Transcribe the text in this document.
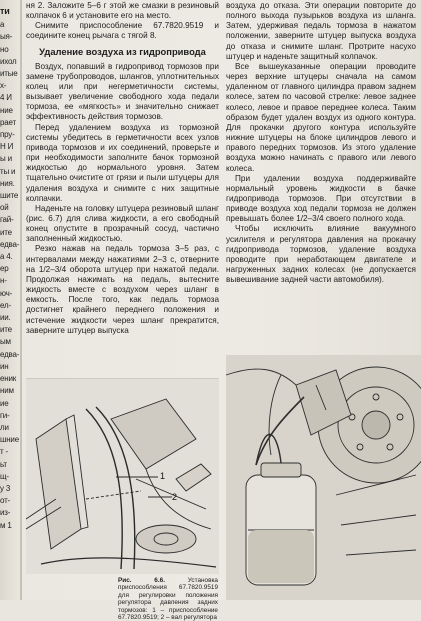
ти
а
ыя-
но
ихол
итые
х-
4 И
ние
рает
пру-
Н И
ы и
ты и
ния.
шите
ой
гай-
ите
едва-
а 4.
ер
н-
юч-
ел-
ии.
ите
ым
едва-
ин
еник
ним
ие
ги-
ли
шние
т -
ьт
щ-
у 3
от-
из-
м 1

ня 2. Заложите 5–6 г этой же смазки в резиновый колпачок 6 и установите его на место.

Снимите приспособление 67.7820.9519 и соедините конец рычага с тягой 8.

Удаление воздуха из гидропривода

Воздух, попавший в гидропривод тормозов при замене трубопроводов, шлангов, уплотнительных колец или при негерметичности системы, вызывает увеличение свободного хода педали тормоза, ее «мягкость» и значительно снижает эффективность действия тормозов.

Перед удалением воздуха из тормозной системы убедитесь в герметичности всех узлов привода тормозов и их соединений, проверьте и при необходимости заполните бачок тормозной жидкостью до нормального уровня. Затем тщательно очистите от грязи и пыли штуцеры для удаления воздуха и снимите с них защитные колпачки.

Наденьте на головку штуцера резиновый шланг (рис. 6.7) для слива жидкости, а его свободный конец опустите в прозрачный сосуд, частично заполненный жидкостью.

Резко нажав на педаль тормоза 3–5 раз, с интервалами между нажатиями 2–3 с, отверните на 1/2–3/4 оборота штуцер при нажатой педали. Продолжая нажимать на педаль, вытесните жидкость вместе с воздухом через шланг в емкость. После того, как педаль тормоза достигнет крайнего переднего положения и истечение жидкости через шланг прекратится, заверните штуцер выпуска

воздуха до отказа. Эти операции повторите до полного выхода пузырьков воздуха из шланга. Затем, удерживая педаль тормоза в нажатом положении, заверните штуцер выпуска воздуха до отказа и снимите шланг. Протрите насухо штуцер и наденьте защитный колпачок.

Все вышеуказанные операции проводите через верхние штуцеры сначала на самом удаленном от главного цилиндра правом заднем колесе, затем по часовой стрелке: левое заднее колесо, левое и правое переднее колеса. Таким образом будет удален воздух из одного контура. Для прокачки другого контура используйте нижние штуцеры на блоке цилиндров левого и правого передних тормозов. Из этого удаление воздуха можно начинать с правого или левого колеса.

При удалении воздуха поддерживайте нормальный уровень жидкости в бачке гидропривода тормозов. При отсутствии в приводе воздуха ход педали тормоза не должен превышать более 1/2–3/4 своего полного хода.

Чтобы исключить влияние вакуумного усилителя и регулятора давления на прокачку гидропривода тормозов, удаление воздуха проводите при неработающем двигателе и нагруженных задних колесах (не допускается вывешивание задней части автомобиля).

1
2
Рис. 6.6.	Установка приспособления 67.7820.9519 для регулировки положения регулятора давления задних тормозов: 1 – приспособление 67.7820.9519; 2 – вал регулятора
